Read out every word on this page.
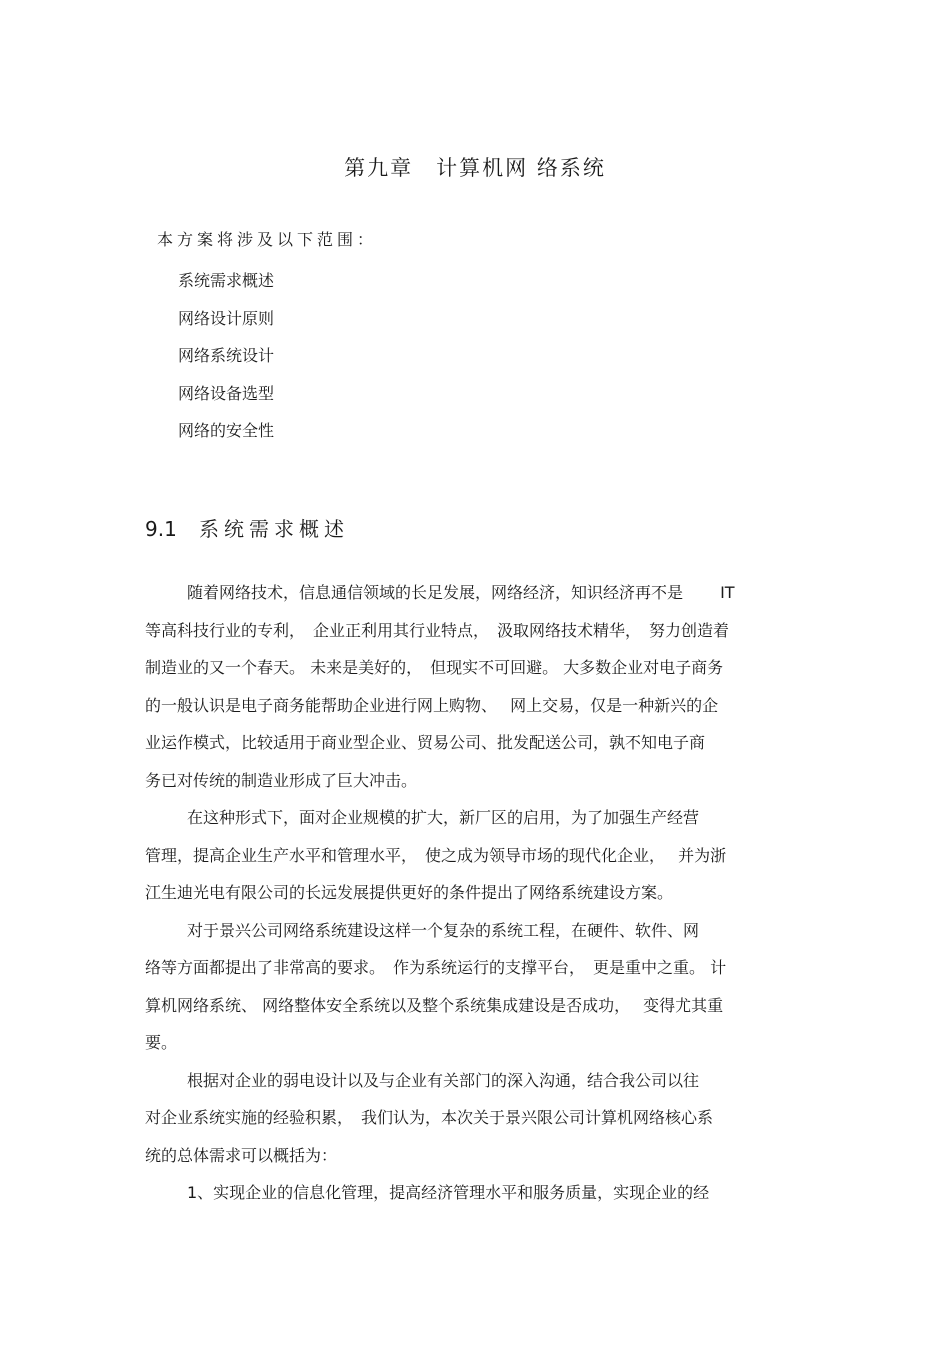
第九章　计算机网 络系统
本方案将涉及以下范围：
系统需求概述
网络设计原则
网络系统设计
网络设备选型
网络的安全性
9.1 系统需求概述
随着网络技术，信息通信领域的长足发展，网络经济，知识经济再不是　　 IT
等高科技行业的专利，　企业正利用其行业特点，　汲取网络技术精华，　努力创造着
制造业的又一个春天。 未来是美好的，　但现实不可回避。 大多数企业对电子商务
的一般认识是电子商务能帮助企业进行网上购物、　 网上交易，仅是一种新兴的企
业运作模式，比较适用于商业型企业、贸易公司、批发配送公司，孰不知电子商
务已对传统的制造业形成了巨大冲击。
在这种形式下，面对企业规模的扩大，新厂区的启用，为了加强生产经营
管理，提高企业生产水平和管理水平，　使之成为领导市场的现代化企业，　 并为浙
江生迪光电有限公司的长远发展提供更好的条件提出了网络系统建设方案。
对于景兴公司网络系统建设这样一个复杂的系统工程，在硬件、软件、网
络等方面都提出了非常高的要求。　作为系统运行的支撑平台，　更是重中之重。 计
算机网络系统、 网络整体安全系统以及整个系统集成建设是否成功，　 变得尤其重
要。
根据对企业的弱电设计以及与企业有关部门的深入沟通，结合我公司以往
对企业系统实施的经验积累，　我们认为，本次关于景兴限公司计算机网络核心系
统的总体需求可以概括为：
1、实现企业的信息化管理，提高经济管理水平和服务质量，实现企业的经
